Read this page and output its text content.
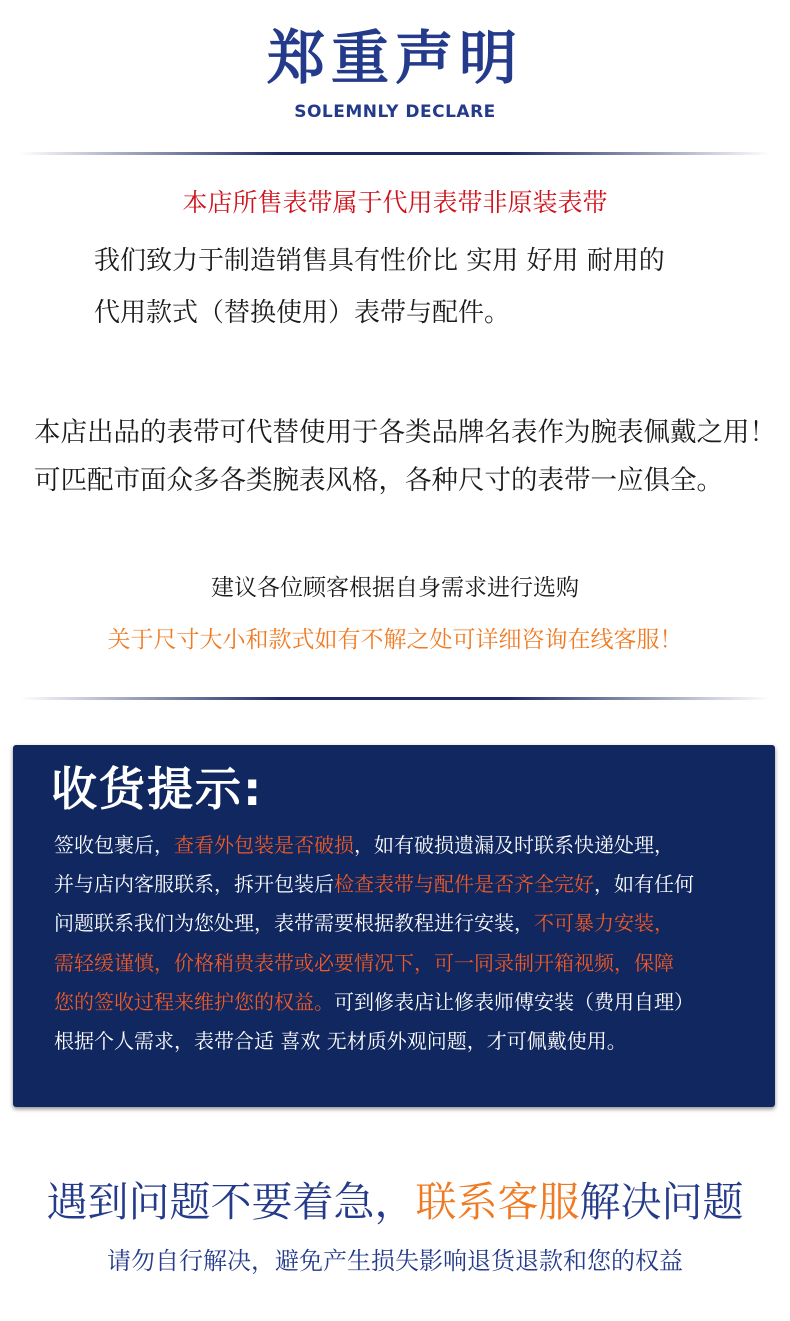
郑重声明
SOLEMNLY DECLARE
本店所售表带属于代用表带非原装表带
我们致力于制造销售具有性价比 实用 好用 耐用的
代用款式（替换使用）表带与配件。
本店出品的表带可代替使用于各类品牌名表作为腕表佩戴之用！
可匹配市面众多各类腕表风格，各种尺寸的表带一应俱全。
建议各位顾客根据自身需求进行选购
关于尺寸大小和款式如有不解之处可详细咨询在线客服！
收货提示:
签收包裹后，查看外包装是否破损，如有破损遗漏及时联系快递处理，
并与店内客服联系，拆开包装后检查表带与配件是否齐全完好，如有任何
问题联系我们为您处理，表带需要根据教程进行安装，不可暴力安装，
需轻缓谨慎，价格稍贵表带或必要情况下，可一同录制开箱视频，保障
您的签收过程来维护您的权益。可到修表店让修表师傅安装（费用自理）
根据个人需求，表带合适 喜欢 无材质外观问题，才可佩戴使用。
遇到问题不要着急，联系客服解决问题
请勿自行解决，避免产生损失影响退货退款和您的权益
